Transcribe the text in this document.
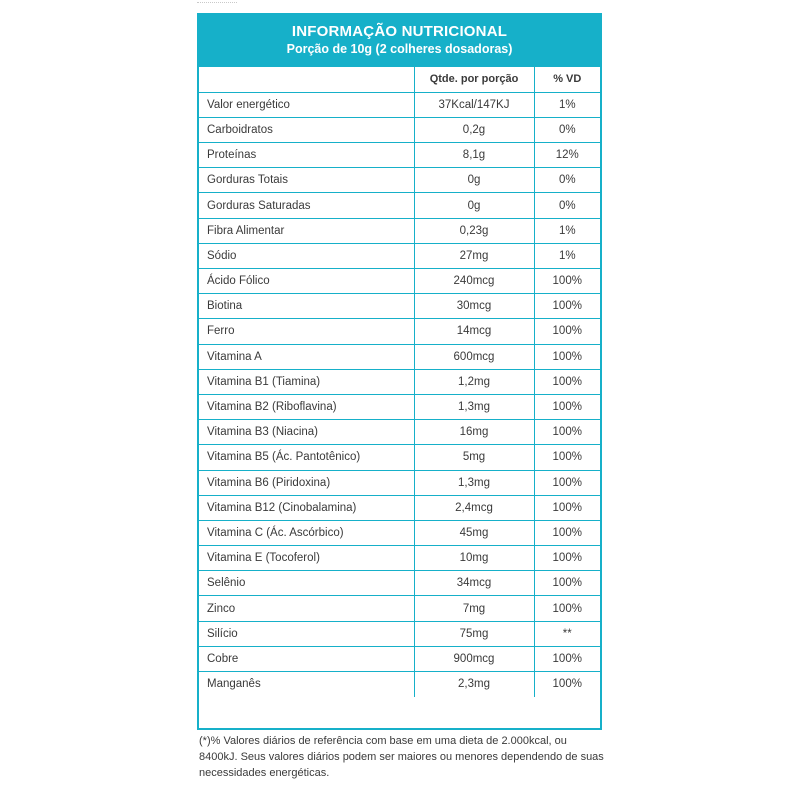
INFORMAÇÃO NUTRICIONAL
Porção de 10g (2 colheres dosadoras)
	Qtde. por porção	% VD
Valor energético	37Kcal/147KJ	1%
Carboidratos	0,2g	0%
Proteínas	8,1g	12%
Gorduras Totais	0g	0%
Gorduras Saturadas	0g	0%
Fibra Alimentar	0,23g	1%
Sódio	27mg	1%
Ácido Fólico	240mcg	100%
Biotina	30mcg	100%
Ferro	14mcg	100%
Vitamina A	600mcg	100%
Vitamina B1 (Tiamina)	1,2mg	100%
Vitamina B2 (Riboflavina)	1,3mg	100%
Vitamina B3 (Niacina)	16mg	100%
Vitamina B5 (Ác. Pantotênico)	5mg	100%
Vitamina B6 (Piridoxina)	1,3mg	100%
Vitamina B12 (Cinobalamina)	2,4mcg	100%
Vitamina C (Ác. Ascórbico)	45mg	100%
Vitamina E (Tocoferol)	10mg	100%
Selênio	34mcg	100%
Zinco	7mg	100%
Silício	75mg	**
Cobre	900mcg	100%
Manganês	2,3mg	100%
(*)% Valores diários de referência com base em uma dieta de 2.000kcal, ou 8400kJ. Seus valores diários podem ser maiores ou menores dependendo de suas necessidades energéticas.
